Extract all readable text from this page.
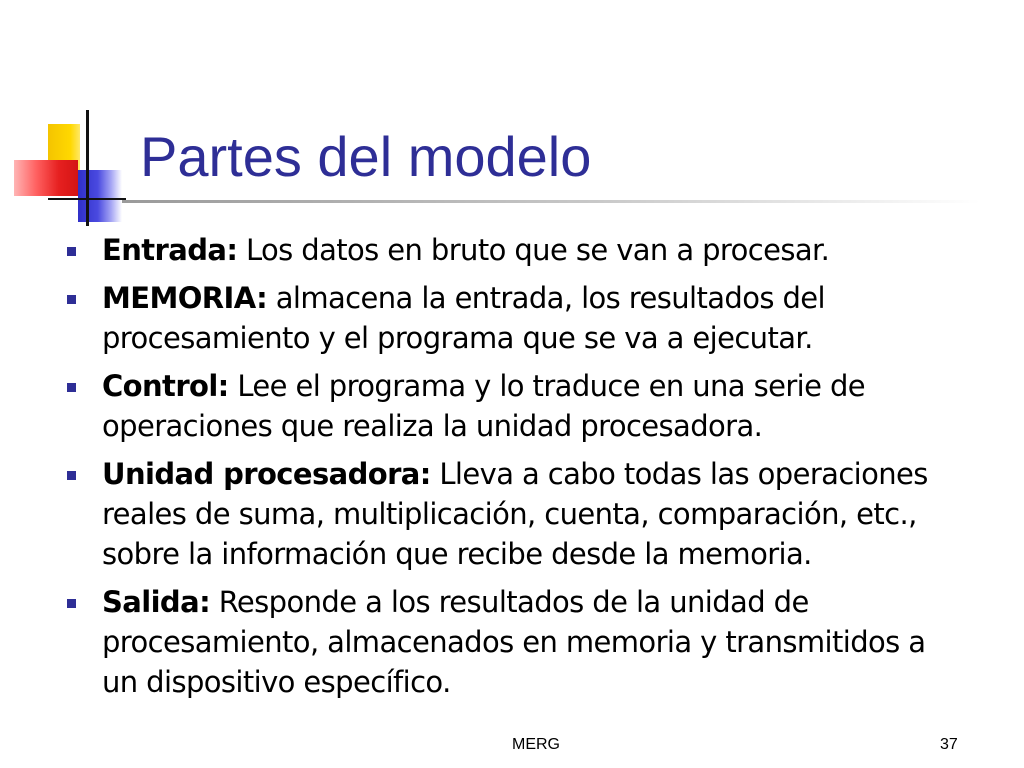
Partes del modelo
Entrada: Los datos en bruto que se van a procesar.
MEMORIA: almacena la entrada, los resultados del procesamiento y el programa que se va a ejecutar.
Control: Lee el programa y lo traduce en una serie de operaciones que realiza la unidad procesadora.
Unidad procesadora: Lleva a cabo todas las operaciones reales de suma, multiplicación, cuenta, comparación, etc., sobre la información que recibe desde la memoria.
Salida: Responde a los resultados de la unidad de procesamiento, almacenados en memoria y transmitidos a un dispositivo específico.
MERG	37
